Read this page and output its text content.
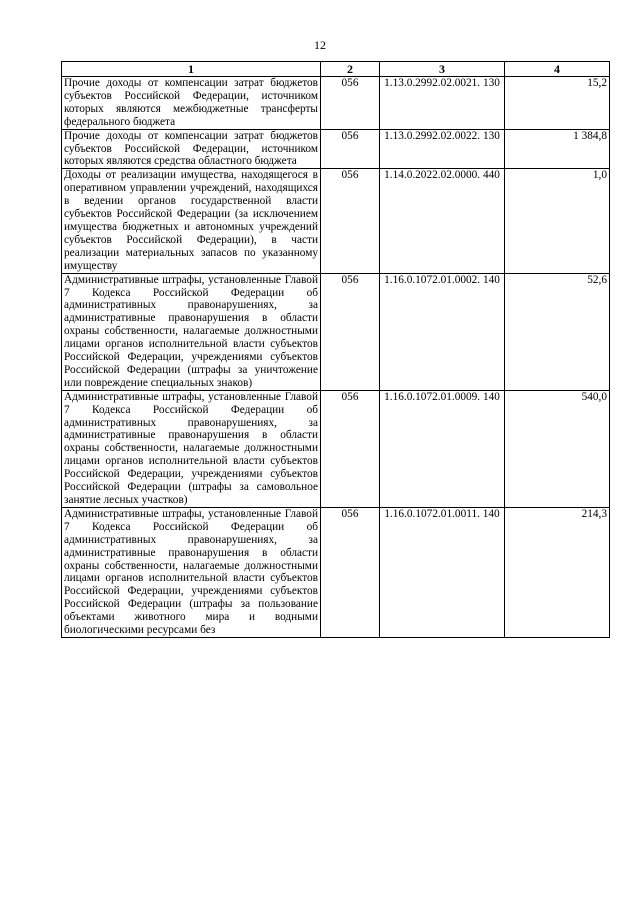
12
1	2	3	4
Прочие доходы от компенсации затрат бюджетов субъектов Российской Федерации, источником которых являются межбюджетные трансферты федерального бюджета	056	1.13.0.2992.02.0021. 130	15,2
Прочие доходы от компенсации затрат бюджетов субъектов Российской Федерации, источником которых являются средства областного бюджета	056	1.13.0.2992.02.0022. 130	1 384,8
Доходы от реализации имущества, находящегося в оперативном управлении учреждений, находящихся в ведении органов государственной власти субъектов Российской Федерации (за исключением имущества бюджетных и автономных учреждений субъектов Российской Федерации), в части реализации материальных запасов по указанному имуществу	056	1.14.0.2022.02.0000. 440	1,0
Административные штрафы, установленные Главой 7 Кодекса Российской Федерации об административных правонарушениях, за административные правонарушения в области охраны собственности, налагаемые должностными лицами органов исполнительной власти субъектов Российской Федерации, учреждениями субъектов Российской Федерации (штрафы за уничтожение или повреждение специальных знаков)	056	1.16.0.1072.01.0002. 140	52,6
Административные штрафы, установленные Главой 7 Кодекса Российской Федерации об административных правонарушениях, за административные правонарушения в области охраны собственности, налагаемые должностными лицами органов исполнительной власти субъектов Российской Федерации, учреждениями субъектов Российской Федерации (штрафы за самовольное занятие лесных участков)	056	1.16.0.1072.01.0009. 140	540,0
Административные штрафы, установленные Главой 7 Кодекса Российской Федерации об административных правонарушениях, за административные правонарушения в области охраны собственности, налагаемые должностными лицами органов исполнительной власти субъектов Российской Федерации, учреждениями субъектов Российской Федерации (штрафы за пользование объектами животного мира и водными биологическими ресурсами без	056	1.16.0.1072.01.0011. 140	214,3
